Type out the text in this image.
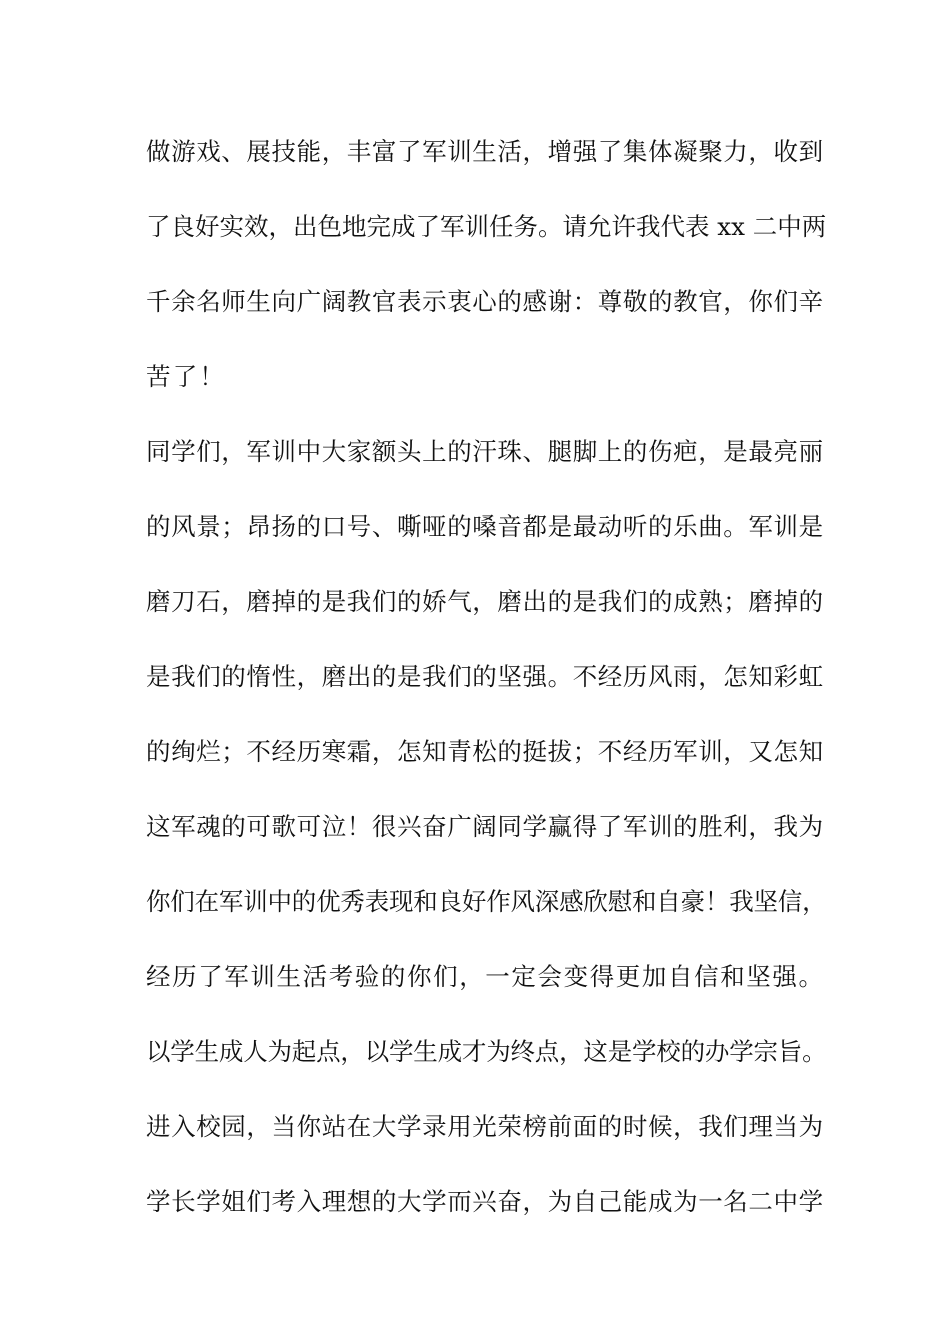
做游戏、展技能，丰富了军训生活，增强了集体凝聚力，收到
了良好实效，出色地完成了军训任务。请允许我代表 xx 二中两
千余名师生向广阔教官表示衷心的感谢：尊敬的教官，你们辛
苦了！
同学们，军训中大家额头上的汗珠、腿脚上的伤疤，是最亮丽
的风景；昂扬的口号、嘶哑的嗓音都是最动听的乐曲。军训是
磨刀石，磨掉的是我们的娇气，磨出的是我们的成熟；磨掉的
是我们的惰性，磨出的是我们的坚强。不经历风雨，怎知彩虹
的绚烂；不经历寒霜，怎知青松的挺拔；不经历军训，又怎知
这军魂的可歌可泣！很兴奋广阔同学赢得了军训的胜利，我为
你们在军训中的优秀表现和良好作风深感欣慰和自豪！我坚信，
经历了军训生活考验的你们，一定会变得更加自信和坚强。
以学生成人为起点，以学生成才为终点，这是学校的办学宗旨。
进入校园，当你站在大学录用光荣榜前面的时候，我们理当为
学长学姐们考入理想的大学而兴奋，为自己能成为一名二中学
